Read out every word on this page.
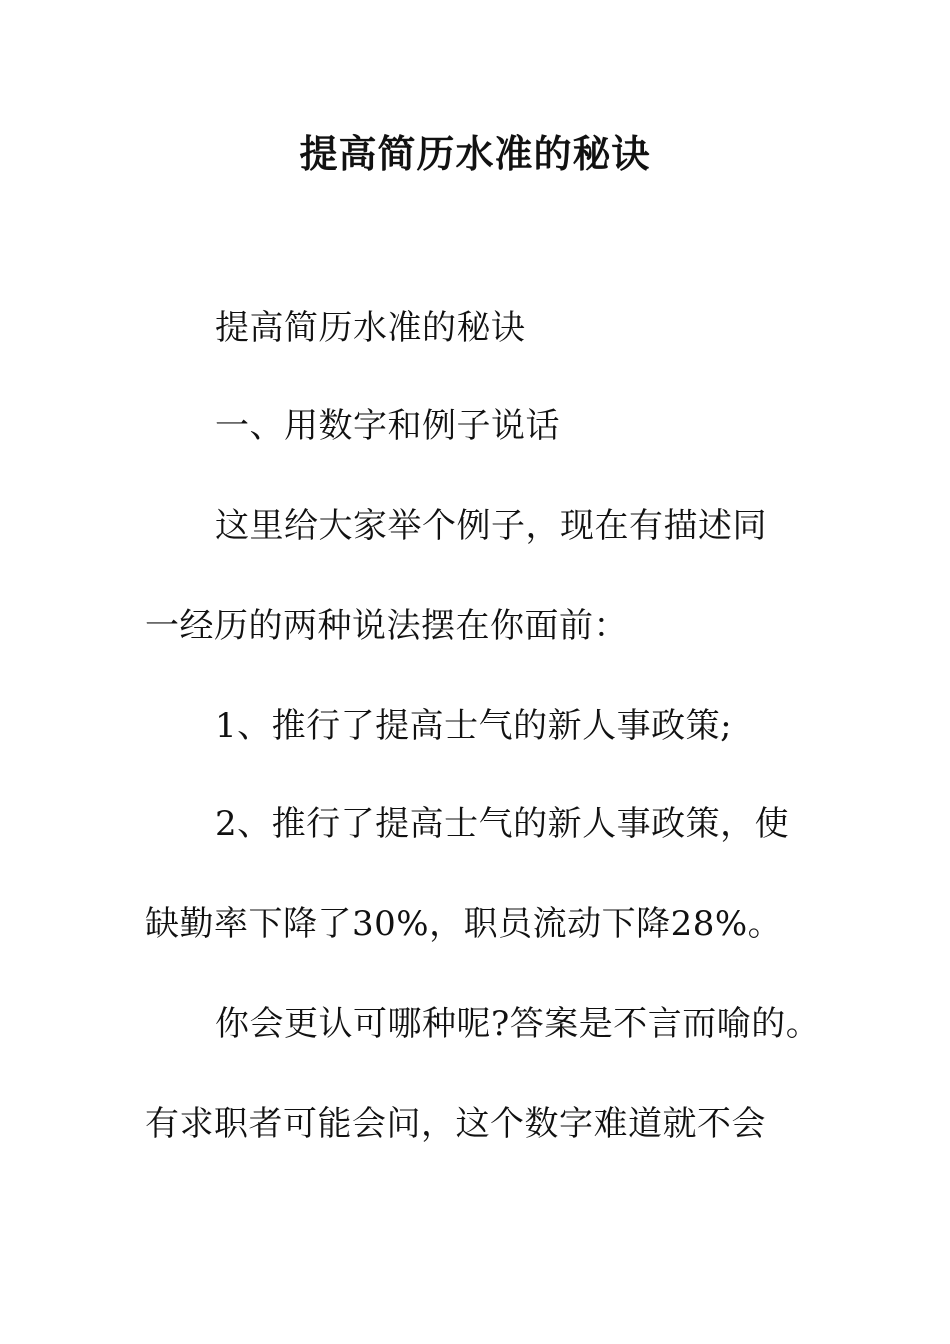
提高简历水准的秘诀
提高简历水准的秘诀
一、用数字和例子说话
这里给大家举个例子，现在有描述同
一经历的两种说法摆在你面前：
1、推行了提高士气的新人事政策;
2、推行了提高士气的新人事政策，使
缺勤率下降了30%，职员流动下降28%。
你会更认可哪种呢?答案是不言而喻的。
有求职者可能会问，这个数字难道就不会
